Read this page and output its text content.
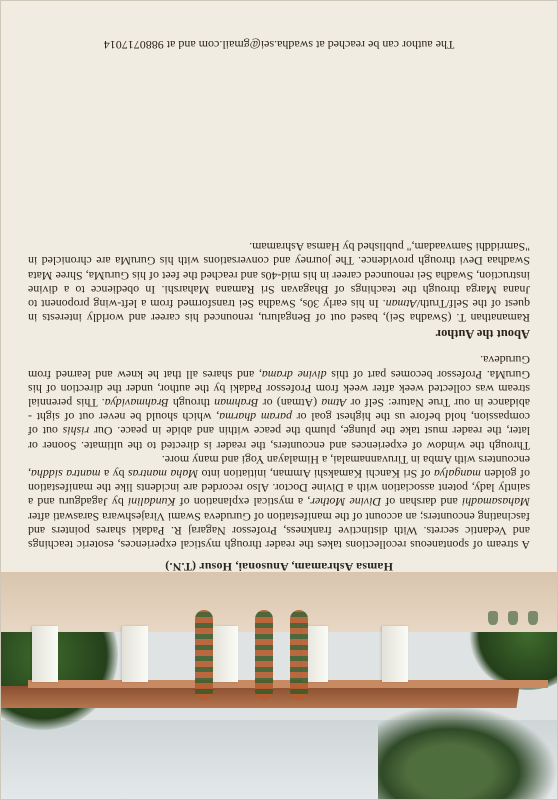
Hamsa Ashramam, Anusonai, Hosur (T.N.)

A stream of spontaneous recollections takes the reader through mystical experiences, esoteric teachings and Vedantic secrets. With distinctive frankness, Professor Nagaraj R. Padaki shares pointers and fascinating encounters; an account of the manifestation of Gurudeva Swami Virajeshwara Saraswati after Mahasamadhi and darshan of Divine Mother, a mystical explanation of Kundalini by Jagadguru and a saintly lady, potent association with a Divine Doctor. Also recorded are incidents like the manifestation of golden mangalya of Sri Kanchi Kamakshi Amman, initiation into Maha mantras by a mantra siddha, encounters with Amba in Tiruvannamalai, a Himalayan Yogi and many more.

Through the window of experiences and encounters, the reader is directed to the ultimate. Sooner or later, the reader must take the plunge, plumb the peace within and abide in peace. Our rishis out of compassion, hold before us the highest goal or param dharma, which should be never out of sight - abidance in our True Nature: Self or Atma (Atman) or Brahman through Brahmavidya. This perennial stream was collected week after week from Professor Padaki by the author, under the direction of his GuruMa. Professor becomes part of this divine drama, and shares all that he knew and learned from Gurudeva.

About the Author

Ramanathan T. (Swadha Sei), based out of Bengaluru, renounced his career and worldly interests in quest of the Self/Truth/Atman. In his early 30s, Swadha Sei transformed from a left-wing proponent to Jnana Marga through the teachings of Bhagavan Sri Ramana Maharshi. In obedience to a divine instruction, Swadha Sei renounced career in his mid-40s and reached the feet of his GuruMa, Shree Mata Swadhaa Devi through providence. The journey and conversations with his GuruMa are chronicled in "Samriddhi Samvaadam," published by Hamsa Ashramam.

The author can be reached at swadha.sei@gmail.com and at 9880717014
